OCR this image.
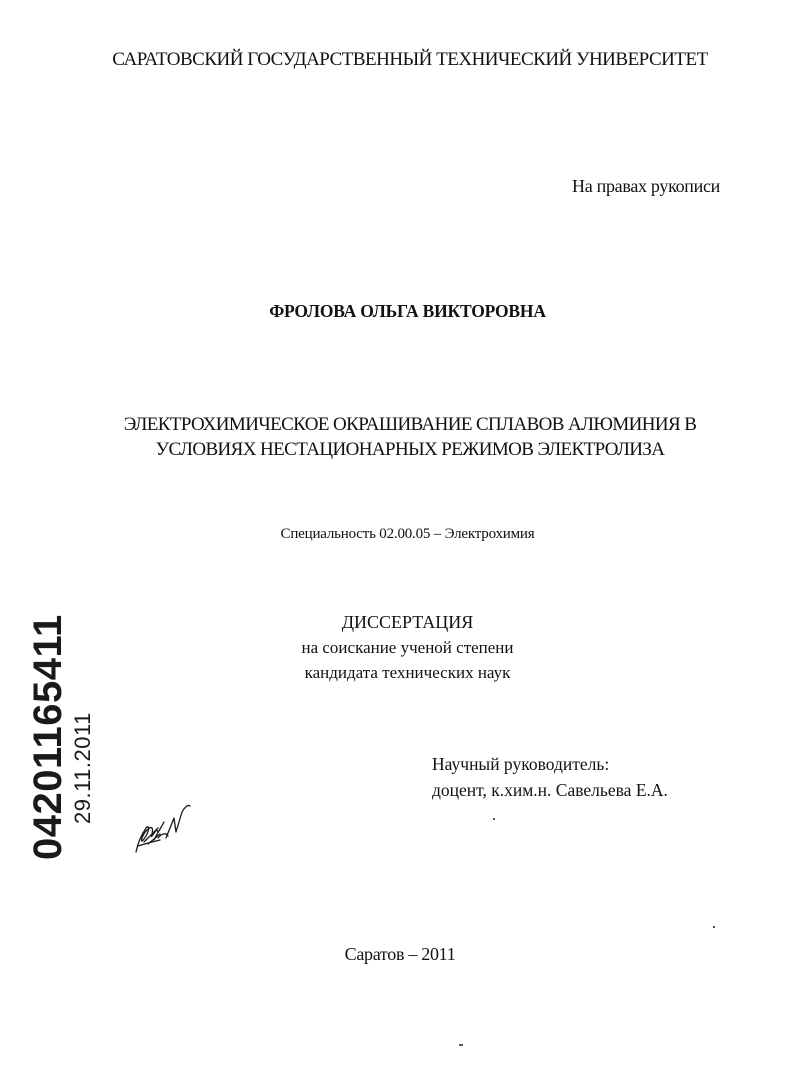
САРАТОВСКИЙ ГОСУДАРСТВЕННЫЙ ТЕХНИЧЕСКИЙ УНИВЕРСИТЕТ
На правах рукописи
ФРОЛОВА ОЛЬГА ВИКТОРОВНА
ЭЛЕКТРОХИМИЧЕСКОЕ ОКРАШИВАНИЕ СПЛАВОВ АЛЮМИНИЯ В
УСЛОВИЯХ НЕСТАЦИОНАРНЫХ РЕЖИМОВ ЭЛЕКТРОЛИЗА
Специальность 02.00.05 – Электрохимия
ДИССЕРТАЦИЯ
на соискание ученой степени
кандидата технических наук
Научный руководитель:
доцент, к.хим.н. Савельева Е.А.
Саратов – 2011
04201165411 29.11.2011
